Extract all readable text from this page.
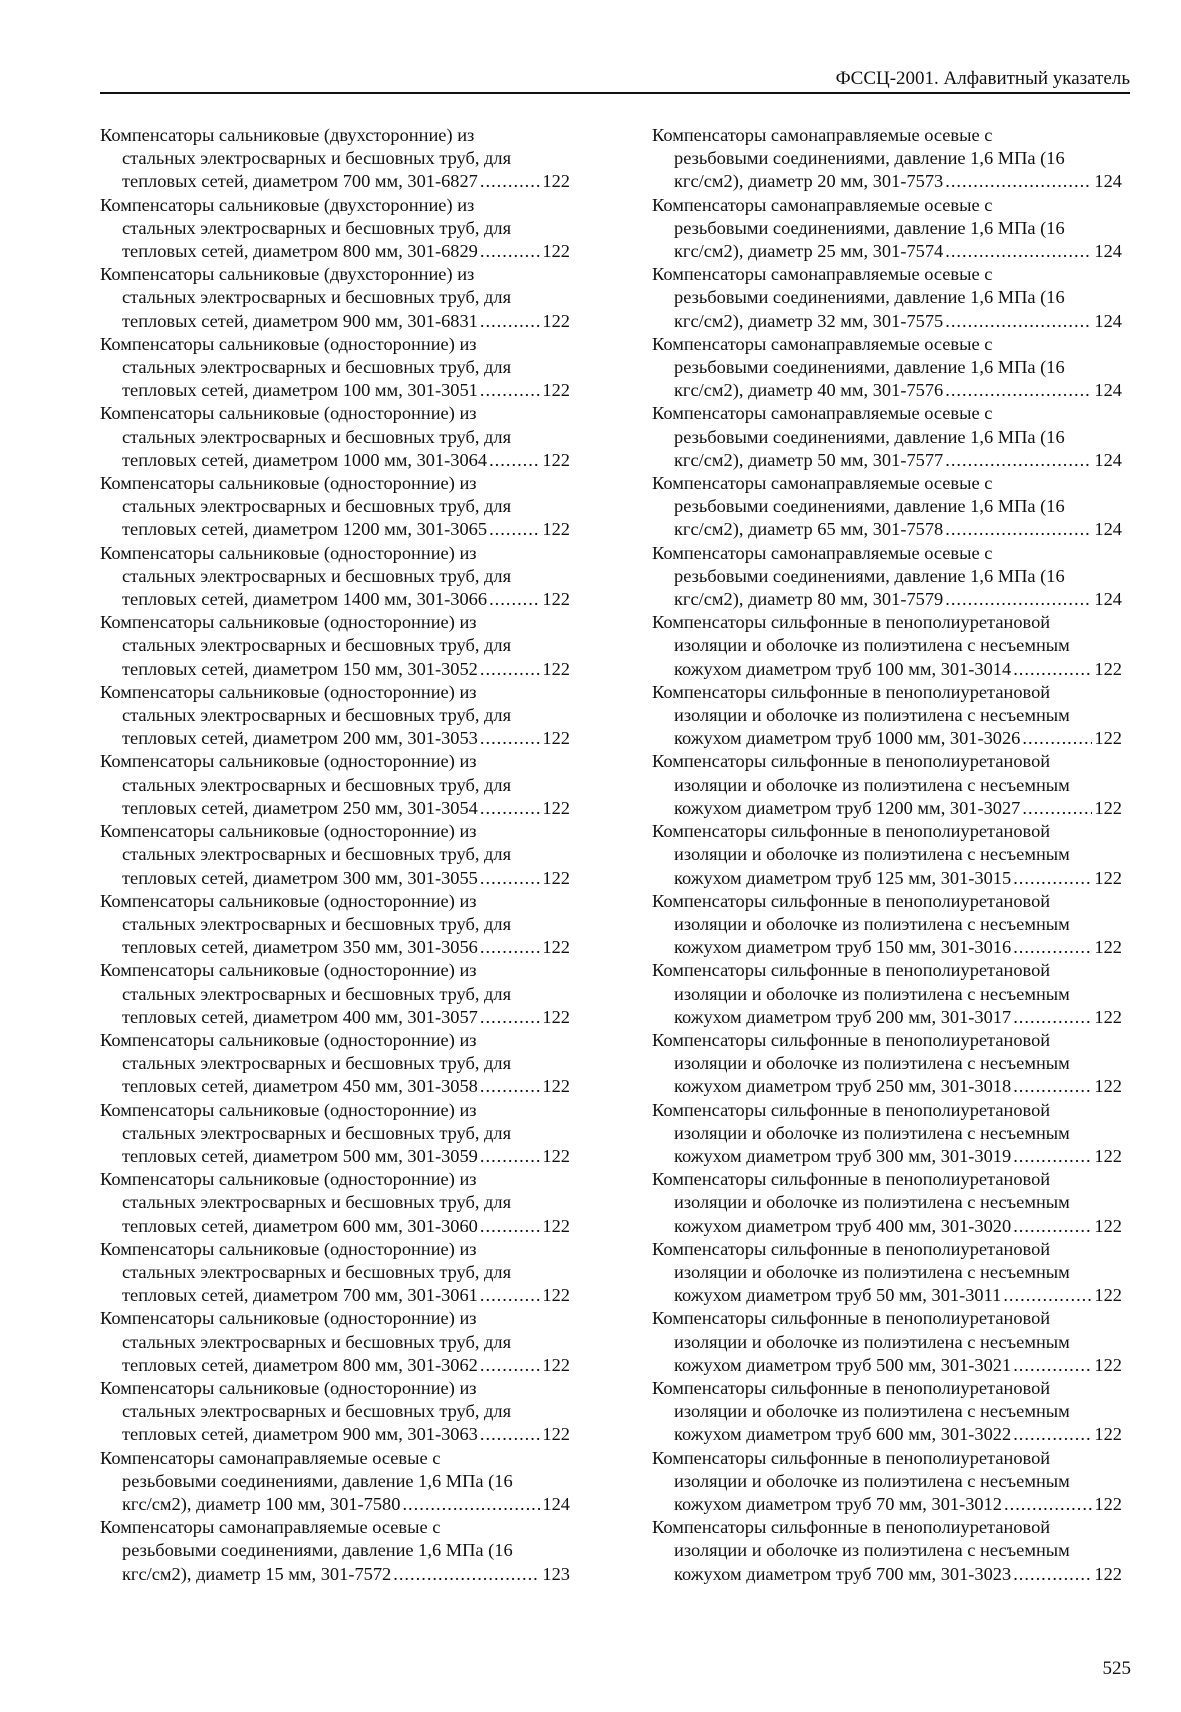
ФССЦ-2001. Алфавитный указатель
Компенсаторы сальниковые (двухсторонние) из
стальных электросварных и бесшовных труб, для
тепловых сетей, диаметром 700 мм, 301-6827 .....	122
Компенсаторы сальниковые (двухсторонние) из
стальных электросварных и бесшовных труб, для
тепловых сетей, диаметром 800 мм, 301-6829 .....	122
Компенсаторы сальниковые (двухсторонние) из
стальных электросварных и бесшовных труб, для
тепловых сетей, диаметром 900 мм, 301-6831 .....	122
Компенсаторы сальниковые (односторонние) из
стальных электросварных и бесшовных труб, для
тепловых сетей, диаметром 100 мм, 301-3051 .....	122
Компенсаторы сальниковые (односторонние) из
стальных электросварных и бесшовных труб, для
тепловых сетей, диаметром 1000 мм, 301-3064 .....	122
Компенсаторы сальниковые (односторонние) из
стальных электросварных и бесшовных труб, для
тепловых сетей, диаметром 1200 мм, 301-3065 .....	122
Компенсаторы сальниковые (односторонние) из
стальных электросварных и бесшовных труб, для
тепловых сетей, диаметром 1400 мм, 301-3066 .....	122
Компенсаторы сальниковые (односторонние) из
стальных электросварных и бесшовных труб, для
тепловых сетей, диаметром 150 мм, 301-3052 .....	122
Компенсаторы сальниковые (односторонние) из
стальных электросварных и бесшовных труб, для
тепловых сетей, диаметром 200 мм, 301-3053 .....	122
Компенсаторы сальниковые (односторонние) из
стальных электросварных и бесшовных труб, для
тепловых сетей, диаметром 250 мм, 301-3054 .....	122
Компенсаторы сальниковые (односторонние) из
стальных электросварных и бесшовных труб, для
тепловых сетей, диаметром 300 мм, 301-3055 .....	122
Компенсаторы сальниковые (односторонние) из
стальных электросварных и бесшовных труб, для
тепловых сетей, диаметром 350 мм, 301-3056 .....	122
Компенсаторы сальниковые (односторонние) из
стальных электросварных и бесшовных труб, для
тепловых сетей, диаметром 400 мм, 301-3057 .....	122
Компенсаторы сальниковые (односторонние) из
стальных электросварных и бесшовных труб, для
тепловых сетей, диаметром 450 мм, 301-3058 .....	122
Компенсаторы сальниковые (односторонние) из
стальных электросварных и бесшовных труб, для
тепловых сетей, диаметром 500 мм, 301-3059 .....	122
Компенсаторы сальниковые (односторонние) из
стальных электросварных и бесшовных труб, для
тепловых сетей, диаметром 600 мм, 301-3060 .....	122
Компенсаторы сальниковые (односторонние) из
стальных электросварных и бесшовных труб, для
тепловых сетей, диаметром 700 мм, 301-3061 .....	122
Компенсаторы сальниковые (односторонние) из
стальных электросварных и бесшовных труб, для
тепловых сетей, диаметром 800 мм, 301-3062 .....	122
Компенсаторы сальниковые (односторонние) из
стальных электросварных и бесшовных труб, для
тепловых сетей, диаметром 900 мм, 301-3063 .....	122
Компенсаторы самонаправляемые осевые с
резьбовыми соединениями, давление 1,6 МПа (16
кгс/см2), диаметр 100 мм, 301-7580 .....	124
Компенсаторы самонаправляемые осевые с
резьбовыми соединениями, давление 1,6 МПа (16
кгс/см2), диаметр 15 мм, 301-7572 .....	123
Компенсаторы самонаправляемые осевые с
резьбовыми соединениями, давление 1,6 МПа (16
кгс/см2), диаметр 20 мм, 301-7573 .....	124
Компенсаторы самонаправляемые осевые с
резьбовыми соединениями, давление 1,6 МПа (16
кгс/см2), диаметр 25 мм, 301-7574 .....	124
Компенсаторы самонаправляемые осевые с
резьбовыми соединениями, давление 1,6 МПа (16
кгс/см2), диаметр 32 мм, 301-7575 .....	124
Компенсаторы самонаправляемые осевые с
резьбовыми соединениями, давление 1,6 МПа (16
кгс/см2), диаметр 40 мм, 301-7576 .....	124
Компенсаторы самонаправляемые осевые с
резьбовыми соединениями, давление 1,6 МПа (16
кгс/см2), диаметр 50 мм, 301-7577 .....	124
Компенсаторы самонаправляемые осевые с
резьбовыми соединениями, давление 1,6 МПа (16
кгс/см2), диаметр 65 мм, 301-7578 .....	124
Компенсаторы самонаправляемые осевые с
резьбовыми соединениями, давление 1,6 МПа (16
кгс/см2), диаметр 80 мм, 301-7579 .....	124
Компенсаторы сильфонные в пенополиуретановой
изоляции и оболочке из полиэтилена с несъемным
кожухом диаметром труб 100 мм, 301-3014 .....	122
Компенсаторы сильфонные в пенополиуретановой
изоляции и оболочке из полиэтилена с несъемным
кожухом диаметром труб 1000 мм, 301-3026 .....	122
Компенсаторы сильфонные в пенополиуретановой
изоляции и оболочке из полиэтилена с несъемным
кожухом диаметром труб 1200 мм, 301-3027 .....	122
Компенсаторы сильфонные в пенополиуретановой
изоляции и оболочке из полиэтилена с несъемным
кожухом диаметром труб 125 мм, 301-3015 .....	122
Компенсаторы сильфонные в пенополиуретановой
изоляции и оболочке из полиэтилена с несъемным
кожухом диаметром труб 150 мм, 301-3016 .....	122
Компенсаторы сильфонные в пенополиуретановой
изоляции и оболочке из полиэтилена с несъемным
кожухом диаметром труб 200 мм, 301-3017 .....	122
Компенсаторы сильфонные в пенополиуретановой
изоляции и оболочке из полиэтилена с несъемным
кожухом диаметром труб 250 мм, 301-3018 .....	122
Компенсаторы сильфонные в пенополиуретановой
изоляции и оболочке из полиэтилена с несъемным
кожухом диаметром труб 300 мм, 301-3019 .....	122
Компенсаторы сильфонные в пенополиуретановой
изоляции и оболочке из полиэтилена с несъемным
кожухом диаметром труб 400 мм, 301-3020 .....	122
Компенсаторы сильфонные в пенополиуретановой
изоляции и оболочке из полиэтилена с несъемным
кожухом диаметром труб 50 мм, 301-3011 .....	122
Компенсаторы сильфонные в пенополиуретановой
изоляции и оболочке из полиэтилена с несъемным
кожухом диаметром труб 500 мм, 301-3021 .....	122
Компенсаторы сильфонные в пенополиуретановой
изоляции и оболочке из полиэтилена с несъемным
кожухом диаметром труб 600 мм, 301-3022 .....	122
Компенсаторы сильфонные в пенополиуретановой
изоляции и оболочке из полиэтилена с несъемным
кожухом диаметром труб 70 мм, 301-3012 .....	122
Компенсаторы сильфонные в пенополиуретановой
изоляции и оболочке из полиэтилена с несъемным
кожухом диаметром труб 700 мм, 301-3023 .....	122
525
